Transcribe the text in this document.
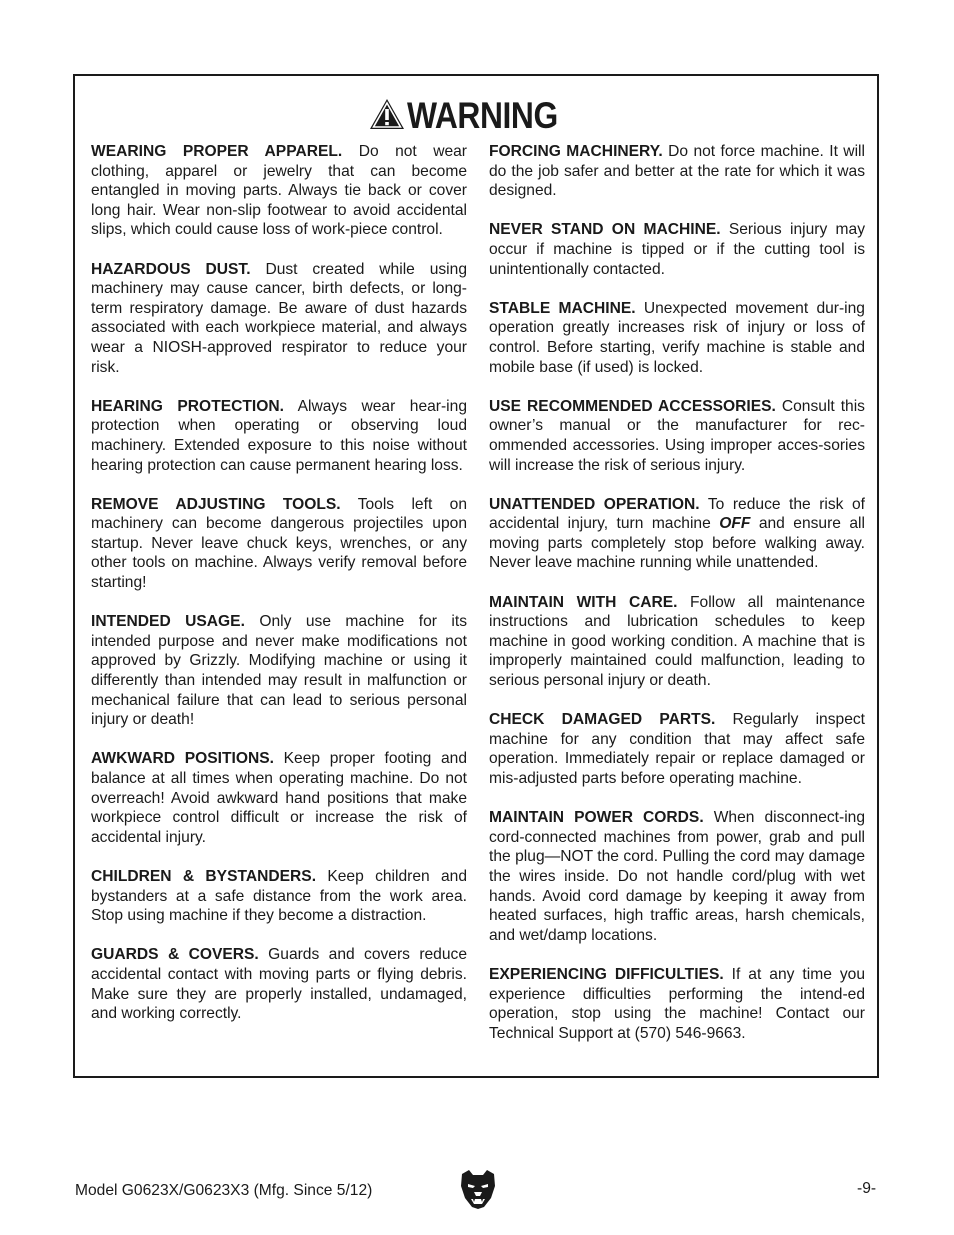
WARNING

WEARING PROPER APPAREL. Do not wear clothing, apparel or jewelry that can become entangled in moving parts. Always tie back or cover long hair. Wear non-slip footwear to avoid accidental slips, which could cause loss of work-piece control.

HAZARDOUS DUST. Dust created while using machinery may cause cancer, birth defects, or long-term respiratory damage. Be aware of dust hazards associated with each workpiece material, and always wear a NIOSH-approved respirator to reduce your risk.

HEARING PROTECTION. Always wear hear-ing protection when operating or observing loud machinery. Extended exposure to this noise without hearing protection can cause permanent hearing loss.

REMOVE ADJUSTING TOOLS. Tools left on machinery can become dangerous projectiles upon startup. Never leave chuck keys, wrenches, or any other tools on machine. Always verify removal before starting!

INTENDED USAGE. Only use machine for its intended purpose and never make modifications not approved by Grizzly. Modifying machine or using it differently than intended may result in malfunction or mechanical failure that can lead to serious personal injury or death!

AWKWARD POSITIONS. Keep proper footing and balance at all times when operating machine. Do not overreach! Avoid awkward hand positions that make workpiece control difficult or increase the risk of accidental injury.

CHILDREN & BYSTANDERS. Keep children and bystanders at a safe distance from the work area. Stop using machine if they become a distraction.

GUARDS & COVERS. Guards and covers reduce accidental contact with moving parts or flying debris. Make sure they are properly installed, undamaged, and working correctly.

FORCING MACHINERY. Do not force machine. It will do the job safer and better at the rate for which it was designed.

NEVER STAND ON MACHINE. Serious injury may occur if machine is tipped or if the cutting tool is unintentionally contacted.

STABLE MACHINE. Unexpected movement dur-ing operation greatly increases risk of injury or loss of control. Before starting, verify machine is stable and mobile base (if used) is locked.

USE RECOMMENDED ACCESSORIES. Consult this owner’s manual or the manufacturer for rec-ommended accessories. Using improper acces-sories will increase the risk of serious injury.

UNATTENDED OPERATION. To reduce the risk of accidental injury, turn machine OFF and ensure all moving parts completely stop before walking away. Never leave machine running while unattended.

MAINTAIN WITH CARE. Follow all maintenance instructions and lubrication schedules to keep machine in good working condition. A machine that is improperly maintained could malfunction, leading to serious personal injury or death.

CHECK DAMAGED PARTS. Regularly inspect machine for any condition that may affect safe operation. Immediately repair or replace damaged or mis-adjusted parts before operating machine.

MAINTAIN POWER CORDS. When disconnect-ing cord-connected machines from power, grab and pull the plug—NOT the cord. Pulling the cord may damage the wires inside. Do not handle cord/plug with wet hands. Avoid cord damage by keeping it away from heated surfaces, high traffic areas, harsh chemicals, and wet/damp locations.

EXPERIENCING DIFFICULTIES. If at any time you experience difficulties performing the intend-ed operation, stop using the machine! Contact our Technical Support at (570) 546-9663.

Model G0623X/G0623X3 (Mfg. Since 5/12)	-9-
